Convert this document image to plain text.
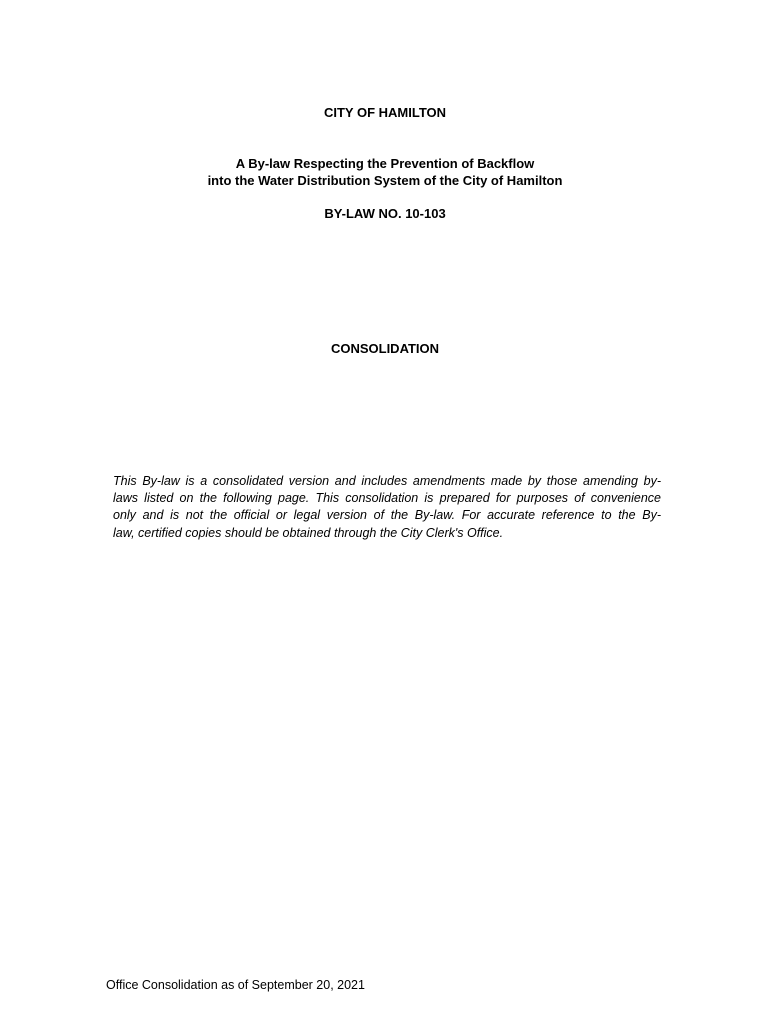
CITY OF HAMILTON
A By-law Respecting the Prevention of Backflow
into the Water Distribution System of the City of Hamilton
BY-LAW NO. 10-103
CONSOLIDATION
This By-law is a consolidated version and includes amendments made by those amending by-
laws listed on the following page. This consolidation is prepared for purposes of convenience
only and is not the official or legal version of the By-law. For accurate reference to the By-
law, certified copies should be obtained through the City Clerk's Office.
Office Consolidation as of September 20, 2021
